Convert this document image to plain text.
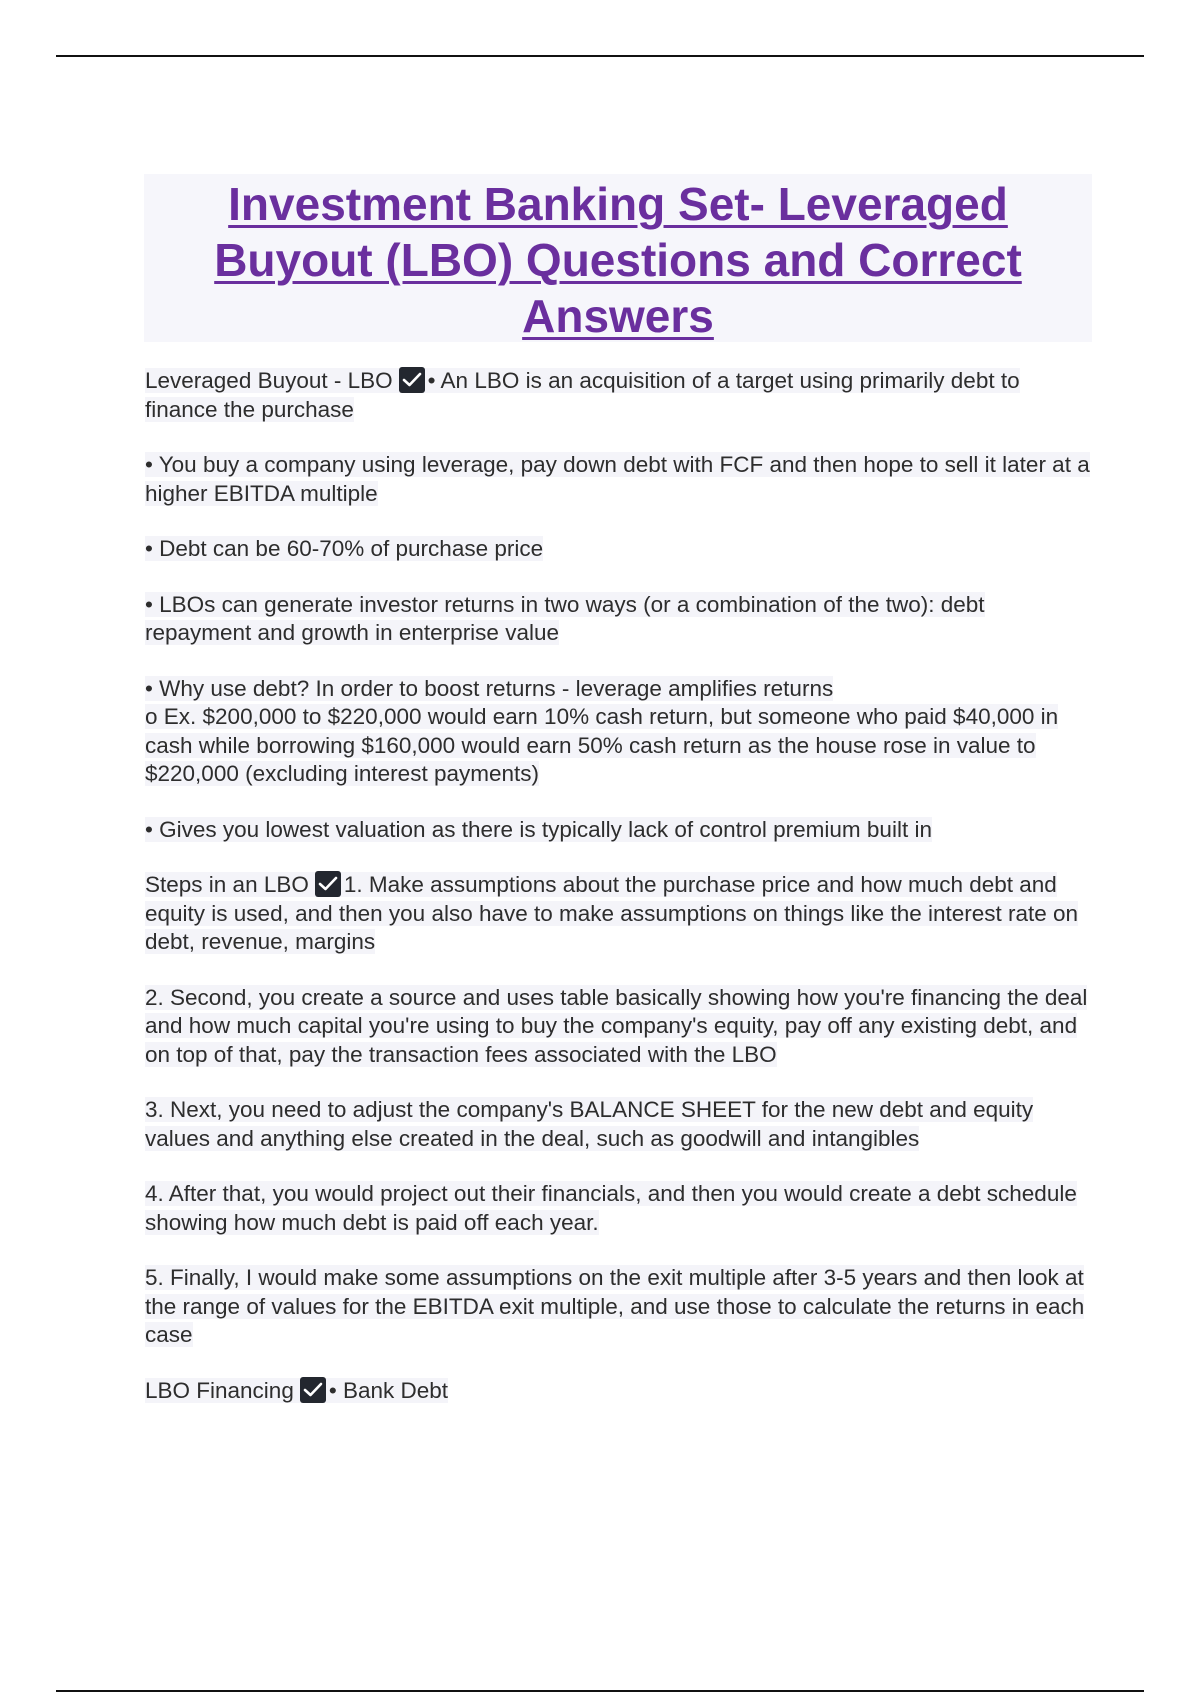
Investment Banking Set- Leveraged Buyout (LBO) Questions and Correct Answers

Leveraged Buyout - LBO • An LBO is an acquisition of a target using primarily debt to finance the purchase

• You buy a company using leverage, pay down debt with FCF and then hope to sell it later at a higher EBITDA multiple

• Debt can be 60-70% of purchase price

• LBOs can generate investor returns in two ways (or a combination of the two): debt repayment and growth in enterprise value

• Why use debt? In order to boost returns - leverage amplifies returns

o Ex. $200,000 to $220,000 would earn 10% cash return, but someone who paid $40,000 in cash while borrowing $160,000 would earn 50% cash return as the house rose in value to $220,000 (excluding interest payments)

• Gives you lowest valuation as there is typically lack of control premium built in

Steps in an LBO 1. Make assumptions about the purchase price and how much debt and equity is used, and then you also have to make assumptions on things like the interest rate on debt, revenue, margins

2. Second, you create a source and uses table basically showing how you're financing the deal and how much capital you're using to buy the company's equity, pay off any existing debt, and on top of that, pay the transaction fees associated with the LBO

3. Next, you need to adjust the company's BALANCE SHEET for the new debt and equity values and anything else created in the deal, such as goodwill and intangibles

4. After that, you would project out their financials, and then you would create a debt schedule showing how much debt is paid off each year.

5. Finally, I would make some assumptions on the exit multiple after 3-5 years and then look at the range of values for the EBITDA exit multiple, and use those to calculate the returns in each case

LBO Financing • Bank Debt
